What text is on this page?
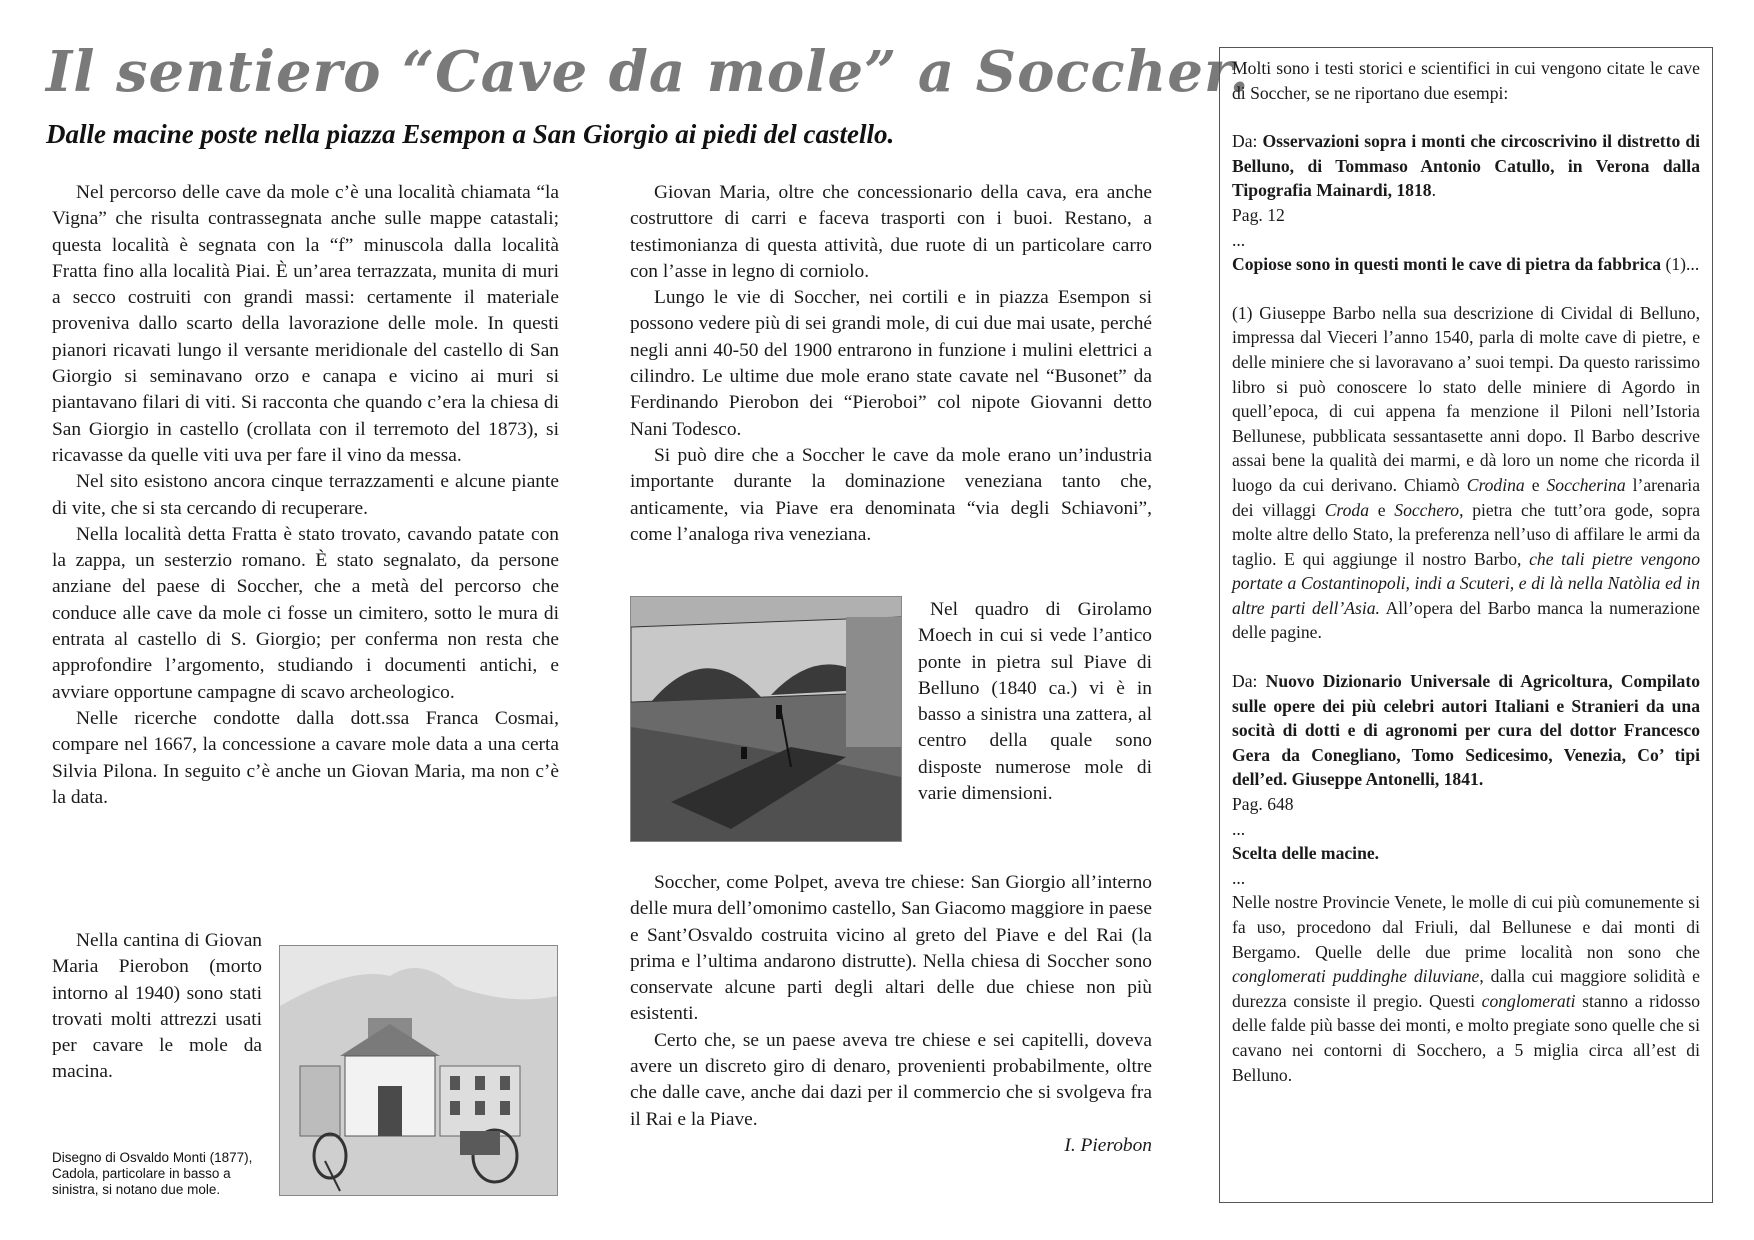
Il sentiero “Cave da mole” a Soccher.
Dalle macine poste nella piazza Esempon a San Giorgio ai piedi del castello.

Nel percorso delle cave da mole c’è una località chiamata “la Vigna” che risulta contrassegnata anche sulle mappe catastali; questa località è segnata con la “f” minuscola dalla località Fratta fino alla località Piai. È un’area terrazzata, munita di muri a secco costruiti con grandi massi: certamente il materiale proveniva dallo scarto della lavorazione delle mole. In questi pianori ricavati lungo il versante meridionale del castello di San Giorgio si seminavano orzo e canapa e vicino ai muri si piantavano filari di viti. Si racconta che quando c’era la chiesa di San Giorgio in castello (crollata con il terremoto del 1873), si ricavasse da quelle viti uva per fare il vino da messa.

Nel sito esistono ancora cinque terrazzamenti e alcune piante di vite, che si sta cercando di recuperare.

Nella località detta Fratta è stato trovato, cavando patate con la zappa, un sesterzio romano. È stato segnalato, da persone anziane del paese di Soccher, che a metà del percorso che conduce alle cave da mole ci fosse un cimitero, sotto le mura di entrata al castello di S. Giorgio; per conferma non resta che approfondire l’argomento, studiando i documenti antichi, e avviare opportune campagne di scavo archeologico.

Nelle ricerche condotte dalla dott.ssa Franca Cosmai, compare nel 1667, la concessione a cavare mole data a una certa Silvia Pilona. In seguito c’è anche un Giovan Maria, ma non c’è la data.

Nella cantina di Giovan Maria Pierobon (morto intorno al 1940) sono stati trovati molti attrezzi usati per cavare le mole da macina.

Disegno di Osvaldo Monti (1877), Cadola, particolare in basso a sinistra, si notano due mole.

Giovan Maria, oltre che concessionario della cava, era anche costruttore di carri e faceva trasporti con i buoi. Restano, a testimonianza di questa attività, due ruote di un particolare carro con l’asse in legno di corniolo.

Lungo le vie di Soccher, nei cortili e in piazza Esempon si possono vedere più di sei grandi mole, di cui due mai usate, perché negli anni 40-50 del 1900 entrarono in funzione i mulini elettrici a cilindro. Le ultime due mole erano state cavate nel “Busonet” da Ferdinando Pierobon dei “Pieroboi” col nipote Giovanni detto Nani Todesco.

Si può dire che a Soccher le cave da mole erano un’industria importante durante la dominazione veneziana tanto che, anticamente, via Piave era denominata “via degli Schiavoni”, come l’analoga riva veneziana.

Nel quadro di Girolamo Moech in cui si vede l’antico ponte in pietra sul Piave di Belluno (1840 ca.) vi è in basso a sinistra una zattera, al centro della quale sono disposte numerose mole di varie dimensioni.

Soccher, come Polpet, aveva tre chiese: San Giorgio all’interno delle mura dell’omonimo castello, San Giacomo maggiore in paese e Sant’Osvaldo costruita vicino al greto del Piave e del Rai (la prima e l’ultima andarono distrutte). Nella chiesa di Soccher sono conservate alcune parti degli altari delle due chiese non più esistenti.

Certo che, se un paese aveva tre chiese e sei capitelli, doveva avere un discreto giro di denaro, provenienti probabilmente, oltre che dalle cave, anche dai dazi per il commercio che si svolgeva fra il Rai e la Piave.

I. Pierobon

Molti sono i testi storici e scientifici in cui vengono citate le cave di Soccher, se ne riportano due esempi:

Da: Osservazioni sopra i monti che circoscrivino il distretto di Belluno, di Tommaso Antonio Catullo, in Verona dalla Tipografia Mainardi, 1818.

Pag. 12

...

Copiose sono in questi monti le cave di pietra da fabbrica (1)...

(1) Giuseppe Barbo nella sua descrizione di Cividal di Belluno, impressa dal Vieceri l’anno 1540, parla di molte cave di pietre, e delle miniere che si lavoravano a’ suoi tempi. Da questo rarissimo libro si può conoscere lo stato delle miniere di Agordo in quell’epoca, di cui appena fa menzione il Piloni nell’Istoria Bellunese, pubblicata sessantasette anni dopo. Il Barbo descrive assai bene la qualità dei marmi, e dà loro un nome che ricorda il luogo da cui derivano. Chiamò Crodina e Soccherina l’arenaria dei villaggi Croda e Socchero, pietra che tutt’ora gode, sopra molte altre dello Stato, la preferenza nell’uso di affilare le armi da taglio. E qui aggiunge il nostro Barbo, che tali pietre vengono portate a Costantinopoli, indi a Scuteri, e di là nella Natòlia ed in altre parti dell’Asia. All’opera del Barbo manca la numerazione delle pagine.

Da: Nuovo Dizionario Universale di Agricoltura, Compilato sulle opere dei più celebri autori Italiani e Stranieri da una socità di dotti e di agronomi per cura del dottor Francesco Gera da Conegliano, Tomo Sedicesimo, Venezia, Co’ tipi dell’ed. Giuseppe Antonelli, 1841.

Pag. 648

...

Scelta delle macine.

...

Nelle nostre Provincie Venete, le molle di cui più comunemente si fa uso, procedono dal Friuli, dal Bellunese e dai monti di Bergamo. Quelle delle due prime località non sono che conglomerati puddinghe diluviane, dalla cui maggiore solidità e durezza consiste il pregio. Questi conglomerati stanno a ridosso delle falde più basse dei monti, e molto pregiate sono quelle che si cavano nei contorni di Socchero, a 5 miglia circa all’est di Belluno.
